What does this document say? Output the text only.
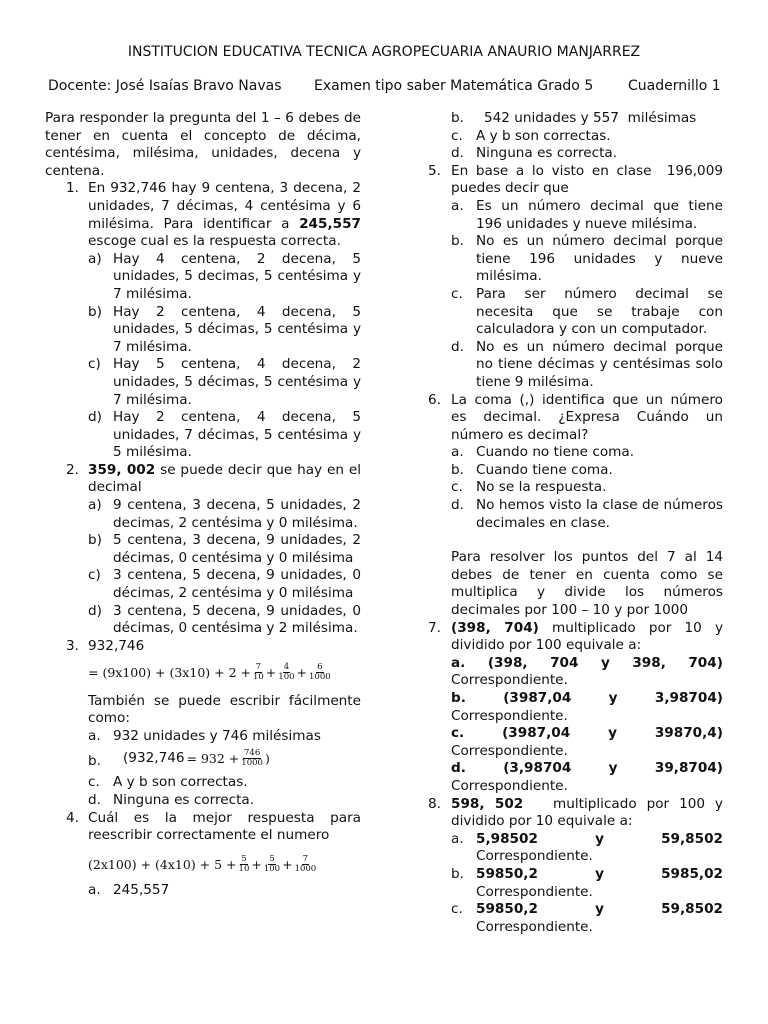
INSTITUCION EDUCATIVA TECNICA AGROPECUARIA ANAURIO MANJARREZ
Docente: José Isaías Bravo Navas Examen tipo saber Matemática Grado 5 Cuadernillo 1
Para responder la pregunta del 1 – 6 debes de tener en cuenta el concepto de décima, centésima, milésima, unidades, decena y centena.
1. En 932,746 hay 9 centena, 3 decena, 2 unidades, 7 décimas, 4 centésima y 6 milésima. Para identificar a 245,557 escoge cual es la respuesta correcta.
a) Hay 4 centena, 2 decena, 5 unidades, 5 decimas, 5 centésima y 7 milésima.
b) Hay 2 centena, 4 decena, 5 unidades, 5 décimas, 5 centésima y 7 milésima.
c) Hay 5 centena, 4 decena, 2 unidades, 5 décimas, 5 centésima y 7 milésima.
d) Hay 2 centena, 4 decena, 5 unidades, 7 décimas, 5 centésima y 5 milésima.
2. 359, 002 se puede decir que hay en el decimal
a) 9 centena, 3 decena, 5 unidades, 2 decimas, 2 centésima y 0 milésima.
b) 5 centena, 3 decena, 9 unidades, 2 décimas, 0 centésima y 0 milésima
c) 3 centena, 5 decena, 9 unidades, 0 décimas, 2 centésima y 0 milésima
d) 3 centena, 5 decena, 9 unidades, 0 décimas, 0 centésima y 2 milésima.
3. 932,746
= $(9x100) + (3x10) + 2 + \frac{7}{10} + \frac{4}{100} + \frac{6}{1000}$
También se puede escribir fácilmente como:
a. 932 unidades y 746 milésimas
b. ($932,746 = 932 + \frac{746}{1000}$ )
c. A y b son correctas.
d. Ninguna es correcta.
4. Cuál es la mejor respuesta para reescribir correctamente el numero
$(2x100) + (4x10) + 5 + \frac{5}{10} + \frac{5}{100} + \frac{7}{1000}$
a. 245,557
b. 542 unidades y 557  milésimas
c. A y b son correctas.
d. Ninguna es correcta.
5. En base a lo visto en clase  196,009 puedes decir que
a. Es un número decimal que tiene 196 unidades y nueve milésima.
b. No es un número decimal porque tiene 196 unidades y nueve milésima.
c. Para ser número decimal se necesita que se trabaje con calculadora y con un computador.
d. No es un número decimal porque no tiene décimas y centésimas solo tiene 9 milésima.
6. La coma (,) identifica que un número es decimal. ¿Expresa Cuándo un número es decimal?
a. Cuando no tiene coma.
b. Cuando tiene coma.
c. No se la respuesta.
d. No hemos visto la clase de números decimales en clase.
Para resolver los puntos del 7 al 14 debes de tener en cuenta como se multiplica y divide los números decimales por 100 – 10 y por 1000
7. (398, 704) multiplicado por 10 y dividido por 100 equivale a:
a. (398, 704 y 398, 704)
Correspondiente.
b.	(3987,04	y	3,98704)
Correspondiente.
c.	(3987,04	y	39870,4)
Correspondiente.
d.	(3,98704	y	39,8704)
Correspondiente.
8. 598, 502 multiplicado por 100 y dividido por 10 equivale a:
a. 5,98502	y	59,8502
Correspondiente.
b. 59850,2	y	5985,02
Correspondiente.
c. 59850,2	y	59,8502
Correspondiente.
